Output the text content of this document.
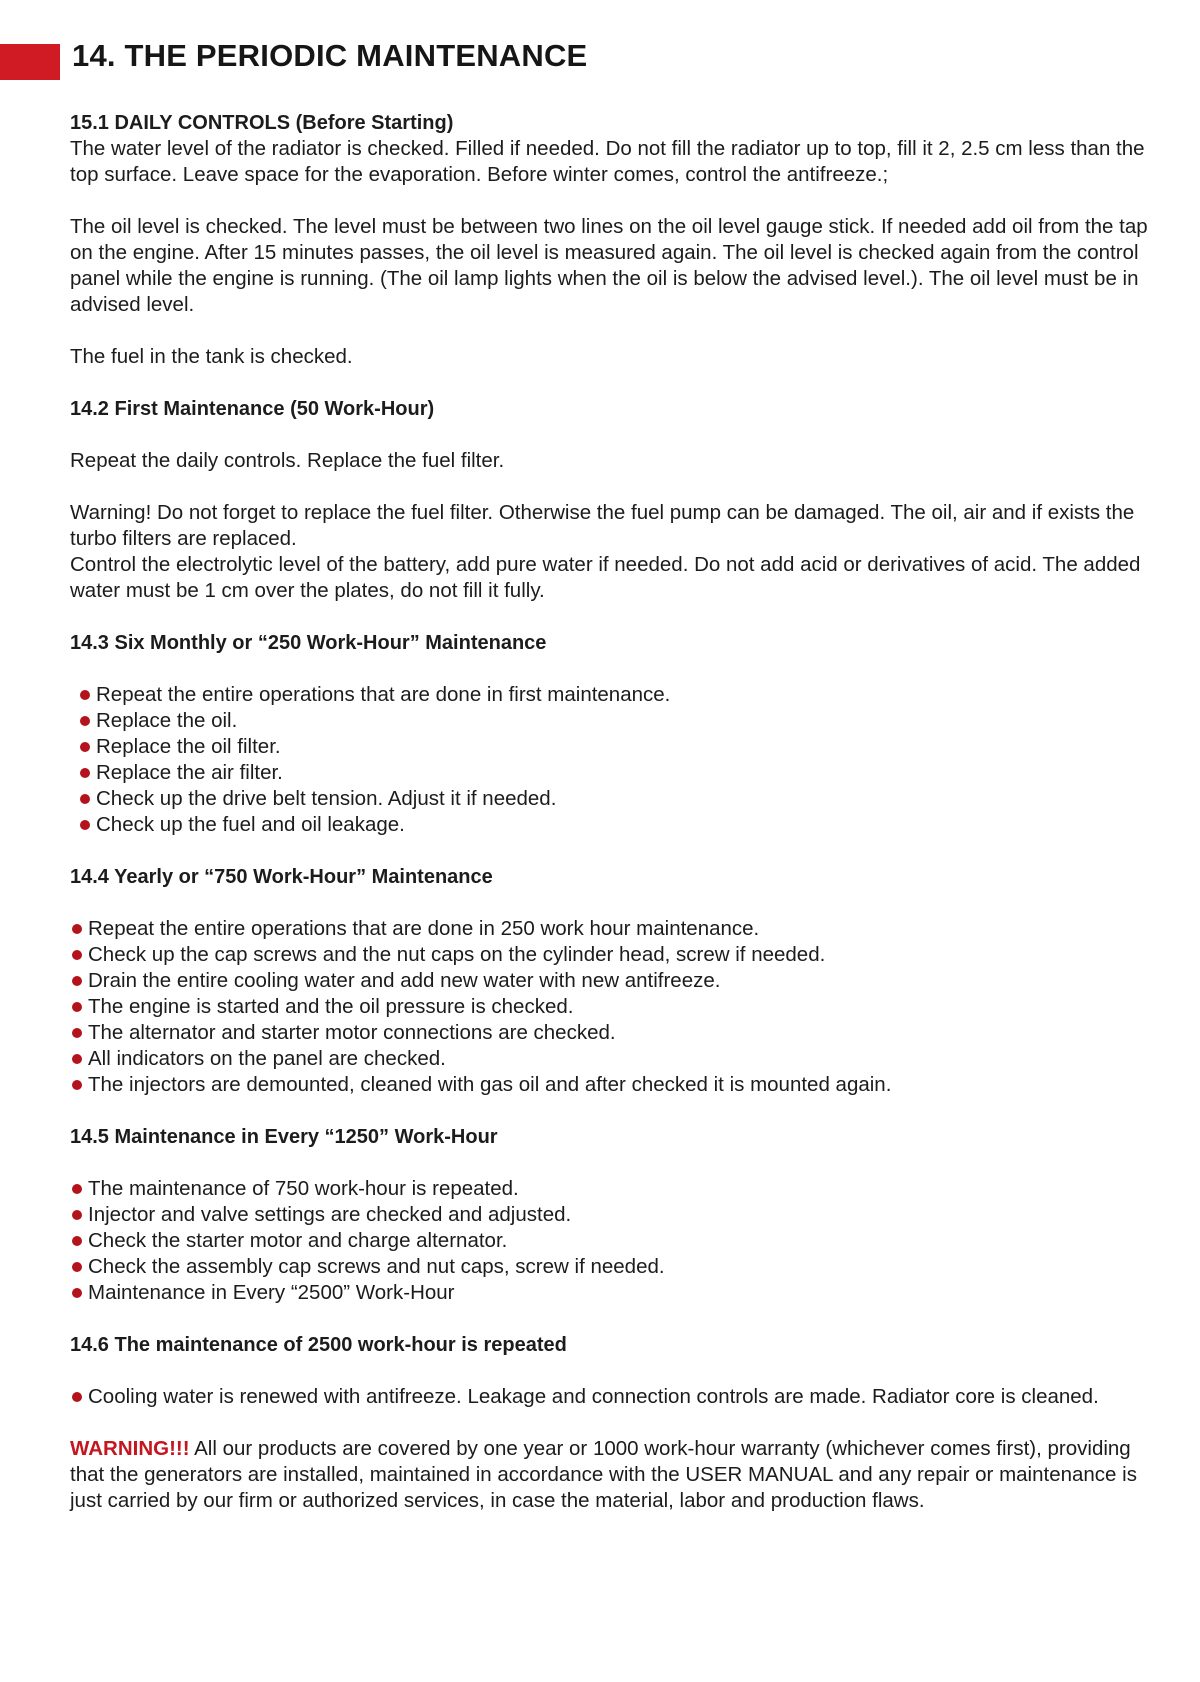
14. THE PERIODIC MAINTENANCE
15.1 DAILY CONTROLS (Before Starting)

The water level of the radiator is checked. Filled if needed. Do not fill the radiator up to top, fill it 2, 2.5 cm less than the top surface. Leave space for the evaporation. Before winter comes, control the antifreeze.;

The oil level is checked. The level must be between two lines on the oil level gauge stick. If needed add oil from the tap on the engine. After 15 minutes passes, the oil level is measured again. The oil level is checked again from the control panel while the engine is running. (The oil lamp lights when the oil is below the advised level.). The oil level must be in advised level.

The fuel in the tank is checked.

14.2 First Maintenance (50 Work-Hour)

Repeat the daily controls. Replace the fuel filter.

Warning! Do not forget to replace the fuel filter. Otherwise the fuel pump can be damaged. The oil, air and if exists the turbo filters are replaced.

Control the electrolytic level of the battery, add pure water if needed. Do not add acid or derivatives of acid. The added water must be 1 cm over the plates, do not fill it fully.

14.3 Six Monthly or “250 Work-Hour” Maintenance
Repeat the entire operations that are done in first maintenance.
Replace the oil.
Replace the oil filter.
Replace the air filter.
Check up the drive belt tension. Adjust it if needed.
Check up the fuel and oil leakage.
14.4 Yearly or “750 Work-Hour” Maintenance
Repeat the entire operations that are done in 250 work hour maintenance.
Check up the cap screws and the nut caps on the cylinder head, screw if needed.
Drain the entire cooling water and add new water with new antifreeze.
The engine is started and the oil pressure is checked.
The alternator and starter motor connections are checked.
All indicators on the panel are checked.
The injectors are demounted, cleaned with gas oil and after checked it is mounted again.
14.5 Maintenance in Every “1250” Work-Hour
The maintenance of 750 work-hour is repeated.
Injector and valve settings are checked and adjusted.
Check the starter motor and charge alternator.
Check the assembly cap screws and nut caps, screw if needed.
Maintenance in Every “2500” Work-Hour
14.6 The maintenance of 2500 work-hour is repeated
Cooling water is renewed with antifreeze. Leakage and connection controls are made. Radiator core is cleaned.

WARNING!!! All our products are covered by one year or 1000 work-hour warranty (whichever comes first), providing that the generators are installed, maintained in accordance with the USER MANUAL and any repair or maintenance is just carried by our firm or authorized services, in case the material, labor and production flaws.
